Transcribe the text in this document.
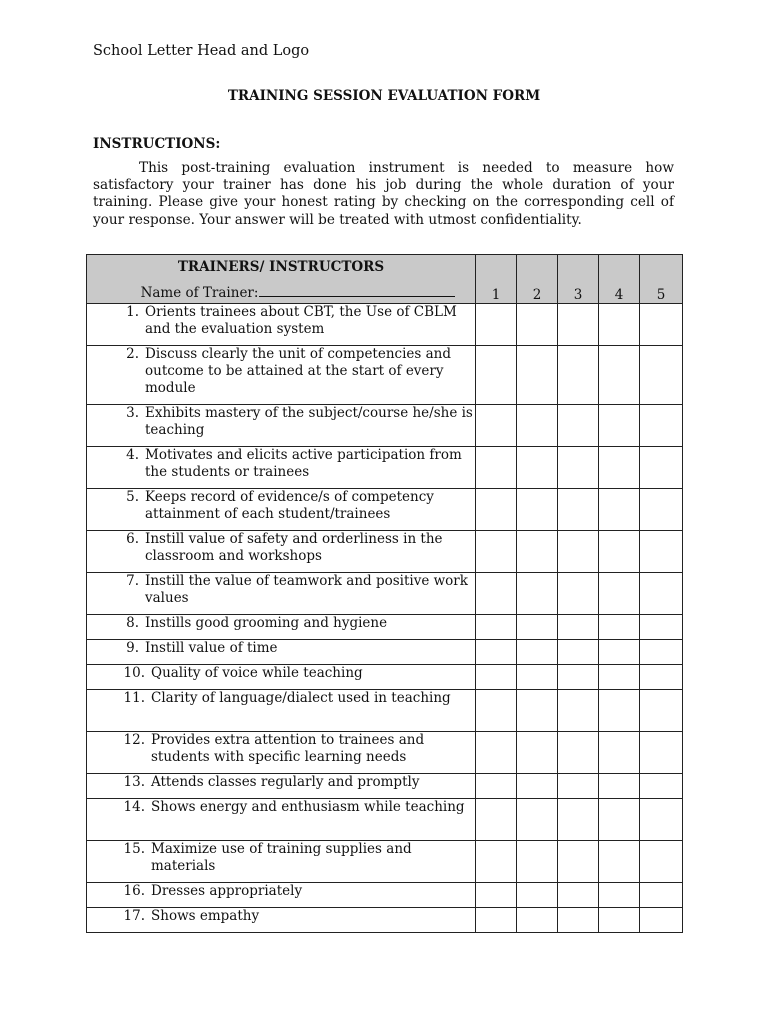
School Letter Head and Logo
TRAINING SESSION EVALUATION FORM
INSTRUCTIONS:
This post-training evaluation instrument is needed to measure how satisfactory your trainer has done his job during the whole duration of your training. Please give your honest rating by checking on the corresponding cell of your response. Your answer will be treated with utmost confidentiality.
TRAINERS/ INSTRUCTORS
Name of Trainer:	1	2	3	4	5

1. Orients trainees about CBT, the Use of CBLM and the evaluation system					

2. Discuss clearly the unit of competencies and outcome to be attained at the start of every module					

3. Exhibits mastery of the subject/course he/she is teaching					

4. Motivates and elicits active participation from the students or trainees					

5. Keeps record of evidence/s of competency attainment of each student/trainees					

6. Instill value of safety and orderliness in the classroom and workshops					

7. Instill the value of teamwork and positive work values					

8. Instills good grooming and hygiene					

9. Instill value of time					

10. Quality of voice while teaching					

11. Clarity of language/dialect used in teaching					

12. Provides extra attention to trainees and students with specific learning needs					

13. Attends classes regularly and promptly					

14. Shows energy and enthusiasm while teaching					

15. Maximize use of training supplies and materials					

16. Dresses appropriately					

17. Shows empathy					
